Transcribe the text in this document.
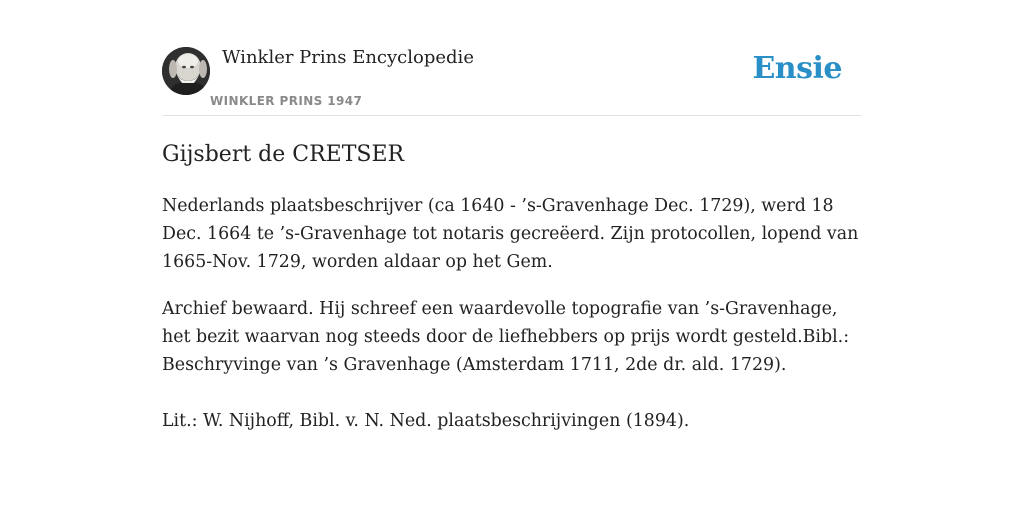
Winkler Prins Encyclopedie
WINKLER PRINS 1947
Ensie
Gijsbert de CRETSER

Nederlands plaatsbeschrijver (ca 1640 - ’s-Gravenhage Dec. 1729), werd 18 Dec. 1664 te ’s-Gravenhage tot notaris gecreëerd. Zijn protocollen, lopend van 1665-Nov. 1729, worden aldaar op het Gem.

Archief bewaard. Hij schreef een waardevolle topografie van ’s-Gravenhage, het bezit waarvan nog steeds door de liefhebbers op prijs wordt gesteld.Bibl.: Beschryvinge van ’s Gravenhage (Amsterdam 1711, 2de dr. ald. 1729).

Lit.: W. Nijhoff, Bibl. v. N. Ned. plaatsbeschrijvingen (1894).
